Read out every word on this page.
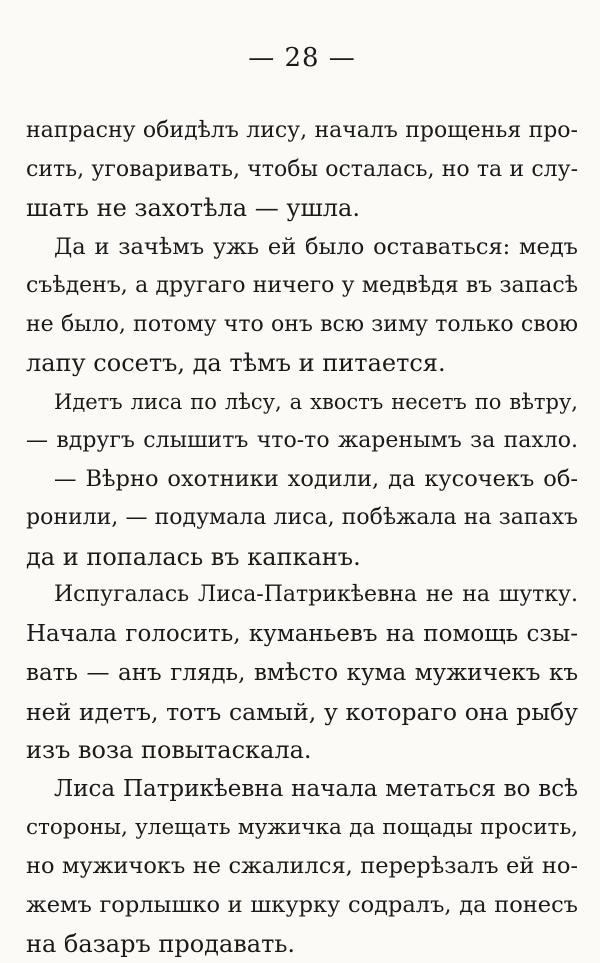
— 28 —
напрасну обидѣлъ лису, началъ прощенья про-
сить, уговаривать, чтобы осталась, но та и слу-
шать не захотѣла — ушла.
Да и зачѣмъ ужь ей было оставаться: медъ
съѣденъ, а другаго ничего у медвѣдя въ запасѣ
не было, потому что онъ всю зиму только свою
лапу сосетъ, да тѣмъ и питается.
Идетъ лиса по лѣсу, а хвостъ несетъ по вѣтру,
— вдругъ слышитъ что-то жаренымъ за пахло.
— Вѣрно охотники ходили, да кусочекъ об-
ронили, — подумала лиса, побѣжала на запахъ
да и попалась въ капканъ.
Испугалась Лиса-Патрикѣевна не на шутку.
Начала голосить, куманьевъ на помощь сзы-
вать — анъ глядь, вмѣсто кума мужичекъ къ
ней идетъ, тотъ самый, у котораго она рыбу
изъ воза повытаскала.
Лиса Патрикѣевна начала метаться во всѣ
стороны, улещать мужичка да пощады просить,
но мужичокъ не сжалился, перерѣзалъ ей но-
жемъ горлышко и шкурку содралъ, да понесъ
на базаръ продавать.
